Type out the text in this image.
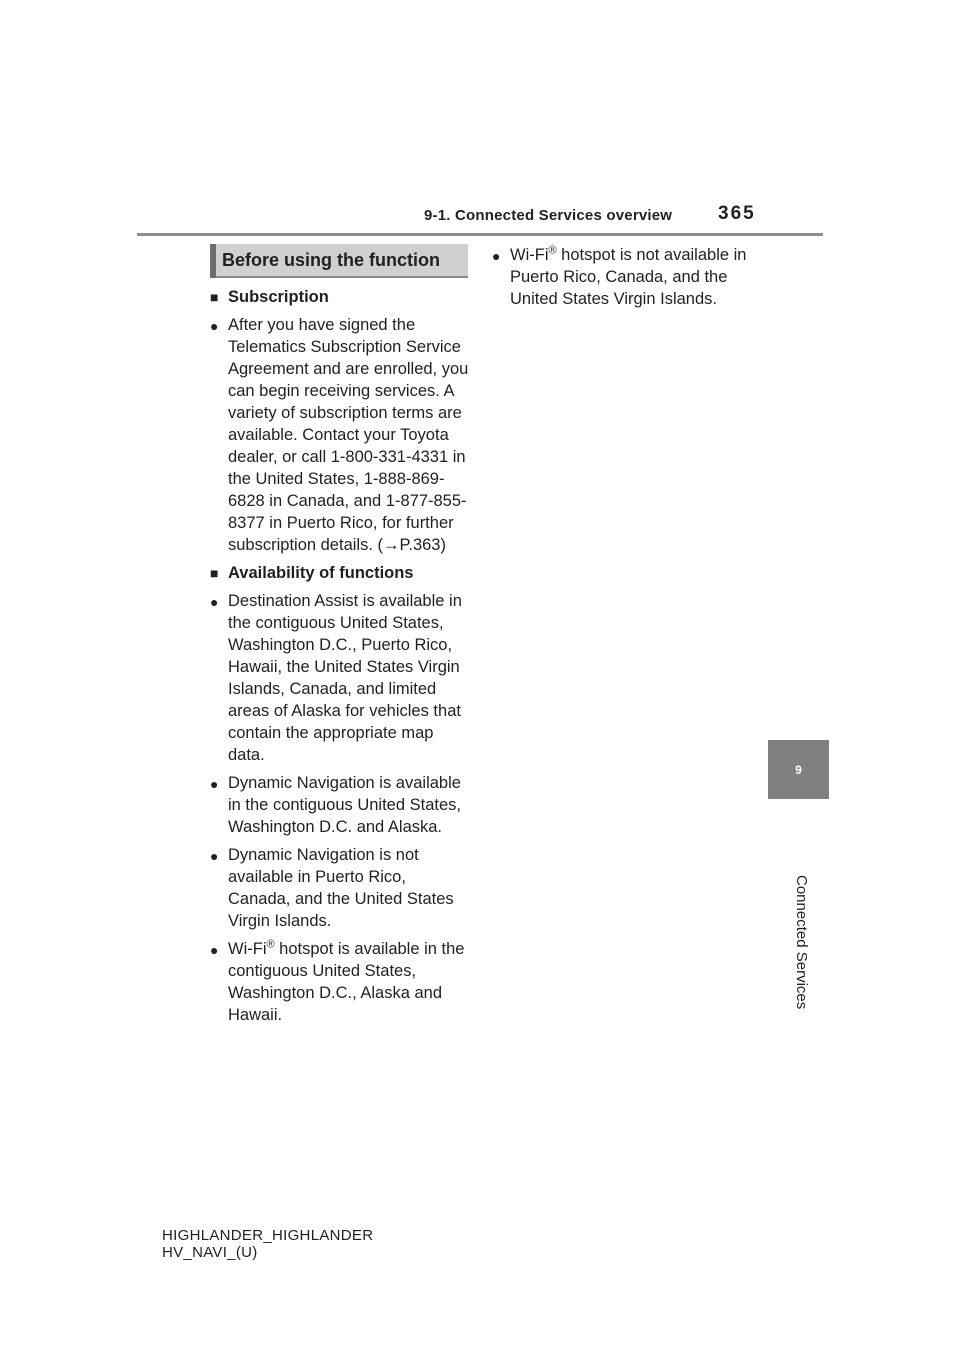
9-1. Connected Services overview 365
9
Connected Services
Before using the function
■ Subscription
● After you have signed the Telematics Subscription Service Agreement and are enrolled, you can begin receiving services. A variety of subscription terms are available. Contact your Toyota dealer, or call 1-800-331-4331 in the United States, 1-888-869-6828 in Canada, and 1-877-855-8377 in Puerto Rico, for further subscription details. (→P.363)
■ Availability of functions
● Destination Assist is available in the contiguous United States, Washington D.C., Puerto Rico, Hawaii, the United States Virgin Islands, Canada, and limited areas of Alaska for vehicles that contain the appropriate map data.
● Dynamic Navigation is available in the contiguous United States, Washington D.C. and Alaska.
● Dynamic Navigation is not available in Puerto Rico, Canada, and the United States Virgin Islands.
● Wi-Fi® hotspot is available in the contiguous United States, Washington D.C., Alaska and Hawaii.
● Wi-Fi® hotspot is not available in Puerto Rico, Canada, and the United States Virgin Islands.
HIGHLANDER_HIGHLANDER
HV_NAVI_(U)
